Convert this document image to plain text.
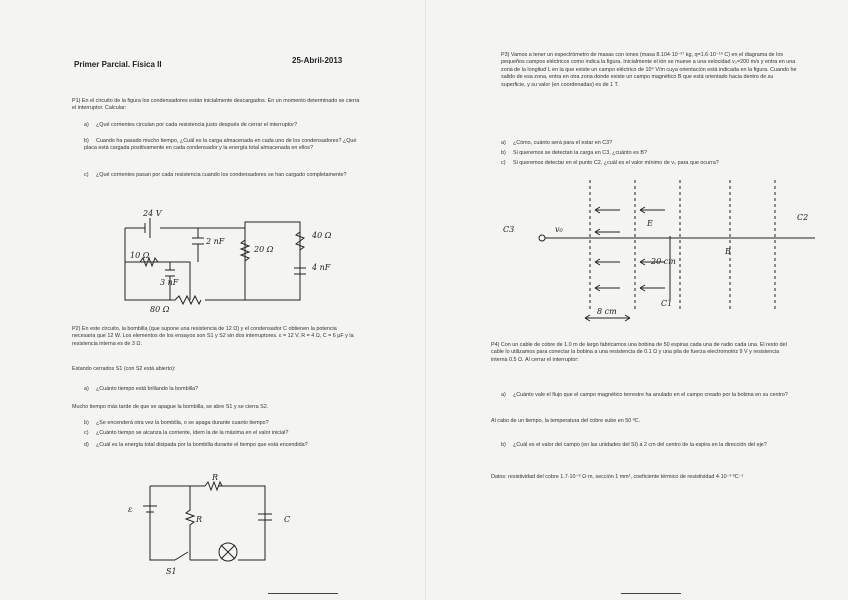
Primer Parcial. Física II
P1) En el circuito de la figura los condensadores están inicialmente descargados. En un momento determinado se cierra el interruptor. Calcular:
a) ¿Qué corrientes circulan por cada resistencia justo después de cerrar el interruptor?
b) Cuando ha pasado mucho tiempo, ¿Cuál es la carga almacenada en cada uno de los condensadores? ¿Qué placa está cargada positivamente en cada condensador y la energía total almacenada en ellos?
c) ¿Qué corrientes pasan por cada resistencia cuando los condensadores se han cargado completamente?
24 V
2 nF
20 Ω
40 Ω
4 nF
3 nF
80 Ω
10 Ω
P2) En este circuito, la bombilla (que supone una resistencia de 12 Ω) y el condensador C obtienen la potencia necesaria que 12 W. Los elementos de los ensayos son S1 y S2 sin dos interruptores. ε = 12 V, R = 4 Ω, C = 6 µF y la resistencia interna es de 3 Ω.
Estando cerrados S1 (con S2 está abierto):
a) ¿Cuánto tiempo está brillando la bombilla?
Mucho tiempo más tarde de que se apague la bombilla, se abre S1 y se cierra S2.
b) ¿Se encenderá otra vez la bombilla, o se apaga durante cuanto tiempo?
c) ¿Cuánto tiempo se alcanza la corriente, ídem la de la máxima en el valor inicial?
d) ¿Cuál es la energía total disipada por la bombilla durante el tiempo que está encendida?
ε
R
R	C
S1
25-Abril-2013
P3) Vamos a tener un espectrómetro de masas con iones (masa 8.104·10⁻²⁷ kg, q=1.6·10⁻¹⁹ C) en el diagrama de los pequeños campos eléctricos como indica la figura. Inicialmente el ión se mueve a una velocidad v₀=200 m/s y entra en una zona de la longitud L en la que existe un campo eléctrico de 10⁴ V/m cuya orientación está indicada en la figura. Cuando he salido de esa zona, entra en otra zona donde existe un campo magnético B que está orientado hacia dentro de su superficie, y su valor (en coordenadas) es de 1 T.
a) ¿Cómo, cuánto será para el estar en C3?
b) Si queremos se detectan la carga en C3, ¿cuánto es B?
c) Si queremos detectar en el punto C2, ¿cuál es el valor mínimo de v₀ para que ocurra?
C3
C1
v₀
E
B
C2
8 cm
20 cm
P4) Con un cable de cobre de 1.0 m de largo fabricamos una bobina de 50 espiras cada una de radio cada una. El resto del cable lo utilizamos para conectar la bobina a una resistencia de 0.1 Ω y una pila de fuerza electromotriz 9 V y resistencia interna 0.5 Ω. Al cerrar el interruptor:
a) ¿Cuánto vale el flujo que el campo magnético terrestre ha anulado en el campo creado por la bobina en su centro?
Al cabo de un tiempo, la temperatura del cobre sube en 50 ºC.
b) ¿Cuál es el valor del campo (en las unidades del SI) a 2 cm del centro de la espira en la dirección del eje?
Datos: resistividad del cobre 1.7·10⁻⁸ Ω·m, sección 1 mm², coeficiente térmico de resistividad 4·10⁻³ ºC⁻¹
